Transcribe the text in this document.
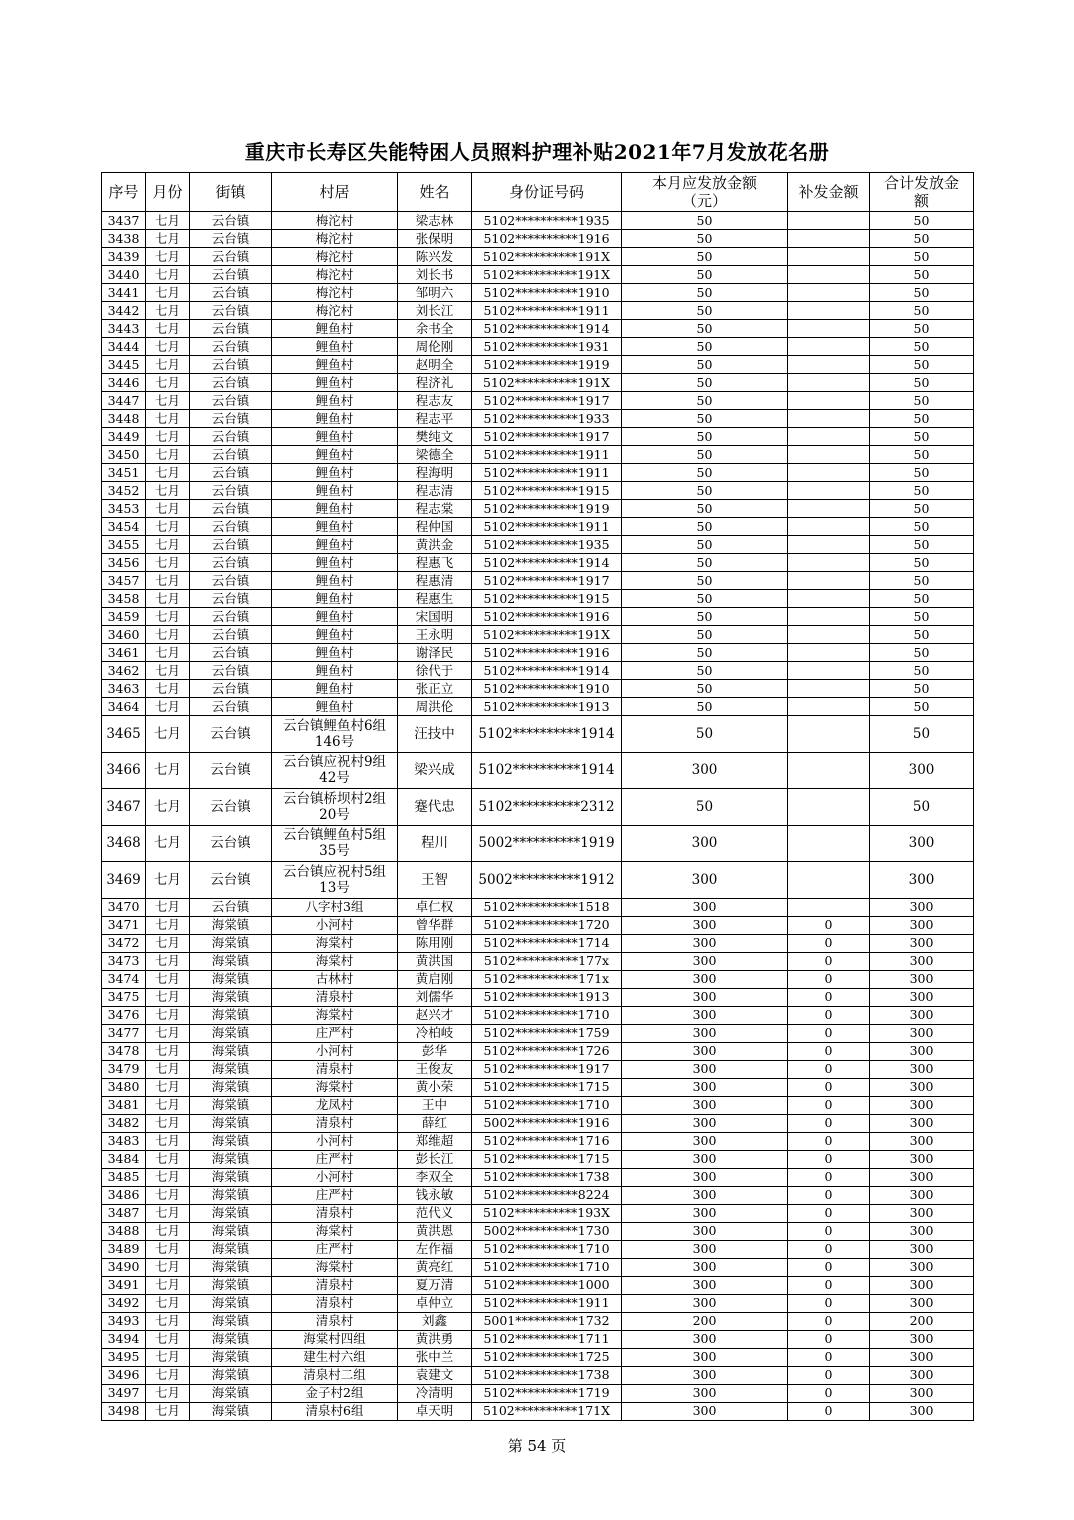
重庆市长寿区失能特困人员照料护理补贴2021年7月发放花名册
序号	月份	街镇	村居	姓名	身份证号码	本月应发放金额（元）	补发金额	合计发放金额
3437	七月	云台镇	梅沱村	梁志林	5102**********1935	50		50
3438	七月	云台镇	梅沱村	张保明	5102**********1916	50		50
3439	七月	云台镇	梅沱村	陈兴发	5102**********191X	50		50
3440	七月	云台镇	梅沱村	刘长书	5102**********191X	50		50
3441	七月	云台镇	梅沱村	邹明六	5102**********1910	50		50
3442	七月	云台镇	梅沱村	刘长江	5102**********1911	50		50
3443	七月	云台镇	鲤鱼村	余书全	5102**********1914	50		50
3444	七月	云台镇	鲤鱼村	周伦刚	5102**********1931	50		50
3445	七月	云台镇	鲤鱼村	赵明全	5102**********1919	50		50
3446	七月	云台镇	鲤鱼村	程济礼	5102**********191X	50		50
3447	七月	云台镇	鲤鱼村	程志友	5102**********1917	50		50
3448	七月	云台镇	鲤鱼村	程志平	5102**********1933	50		50
3449	七月	云台镇	鲤鱼村	樊纯文	5102**********1917	50		50
3450	七月	云台镇	鲤鱼村	梁德全	5102**********1911	50		50
3451	七月	云台镇	鲤鱼村	程海明	5102**********1911	50		50
3452	七月	云台镇	鲤鱼村	程志清	5102**********1915	50		50
3453	七月	云台镇	鲤鱼村	程志棠	5102**********1919	50		50
3454	七月	云台镇	鲤鱼村	程仲国	5102**********1911	50		50
3455	七月	云台镇	鲤鱼村	黄洪金	5102**********1935	50		50
3456	七月	云台镇	鲤鱼村	程惠飞	5102**********1914	50		50
3457	七月	云台镇	鲤鱼村	程惠清	5102**********1917	50		50
3458	七月	云台镇	鲤鱼村	程惠生	5102**********1915	50		50
3459	七月	云台镇	鲤鱼村	宋国明	5102**********1916	50		50
3460	七月	云台镇	鲤鱼村	王永明	5102**********191X	50		50
3461	七月	云台镇	鲤鱼村	谢泽民	5102**********1916	50		50
3462	七月	云台镇	鲤鱼村	徐代于	5102**********1914	50		50
3463	七月	云台镇	鲤鱼村	张正立	5102**********1910	50		50
3464	七月	云台镇	鲤鱼村	周洪伦	5102**********1913	50		50
3465	七月	云台镇	云台镇鲤鱼村6组146号	汪技中	5102**********1914	50		50
3466	七月	云台镇	云台镇应祝村9组42号	梁兴成	5102**********1914	300		300
3467	七月	云台镇	云台镇桥坝村2组20号	蹇代忠	5102**********2312	50		50
3468	七月	云台镇	云台镇鲤鱼村5组35号	程川	5002**********1919	300		300
3469	七月	云台镇	云台镇应祝村5组13号	王智	5002**********1912	300		300
3470	七月	云台镇	八字村3组	卓仁权	5102**********1518	300		300
3471	七月	海棠镇	小河村	曾华群	5102**********1720	300	0	300
3472	七月	海棠镇	海棠村	陈用刚	5102**********1714	300	0	300
3473	七月	海棠镇	海棠村	黄洪国	5102**********177x	300	0	300
3474	七月	海棠镇	古林村	黄启刚	5102**********171x	300	0	300
3475	七月	海棠镇	清泉村	刘儒华	5102**********1913	300	0	300
3476	七月	海棠镇	海棠村	赵兴才	5102**********1710	300	0	300
3477	七月	海棠镇	庄严村	冷柏岐	5102**********1759	300	0	300
3478	七月	海棠镇	小河村	彭华	5102**********1726	300	0	300
3479	七月	海棠镇	清泉村	王俊友	5102**********1917	300	0	300
3480	七月	海棠镇	海棠村	黄小荣	5102**********1715	300	0	300
3481	七月	海棠镇	龙凤村	王中	5102**********1710	300	0	300
3482	七月	海棠镇	清泉村	薛红	5002**********1916	300	0	300
3483	七月	海棠镇	小河村	郑维超	5102**********1716	300	0	300
3484	七月	海棠镇	庄严村	彭长江	5102**********1715	300	0	300
3485	七月	海棠镇	小河村	李双全	5102**********1738	300	0	300
3486	七月	海棠镇	庄严村	钱永敏	5102**********8224	300	0	300
3487	七月	海棠镇	清泉村	范代义	5102**********193X	300	0	300
3488	七月	海棠镇	海棠村	黄洪恩	5002**********1730	300	0	300
3489	七月	海棠镇	庄严村	左作福	5102**********1710	300	0	300
3490	七月	海棠镇	海棠村	黄亮红	5102**********1710	300	0	300
3491	七月	海棠镇	清泉村	夏万清	5102**********1000	300	0	300
3492	七月	海棠镇	清泉村	卓仲立	5102**********1911	300	0	300
3493	七月	海棠镇	清泉村	刘鑫	5001**********1732	200	0	200
3494	七月	海棠镇	海棠村四组	黄洪勇	5102**********1711	300	0	300
3495	七月	海棠镇	建生村六组	张中兰	5102**********1725	300	0	300
3496	七月	海棠镇	清泉村二组	袁建文	5102**********1738	300	0	300
3497	七月	海棠镇	金子村2组	冷清明	5102**********1719	300	0	300
3498	七月	海棠镇	清泉村6组	卓天明	5102**********171X	300	0	300
第 54 页
